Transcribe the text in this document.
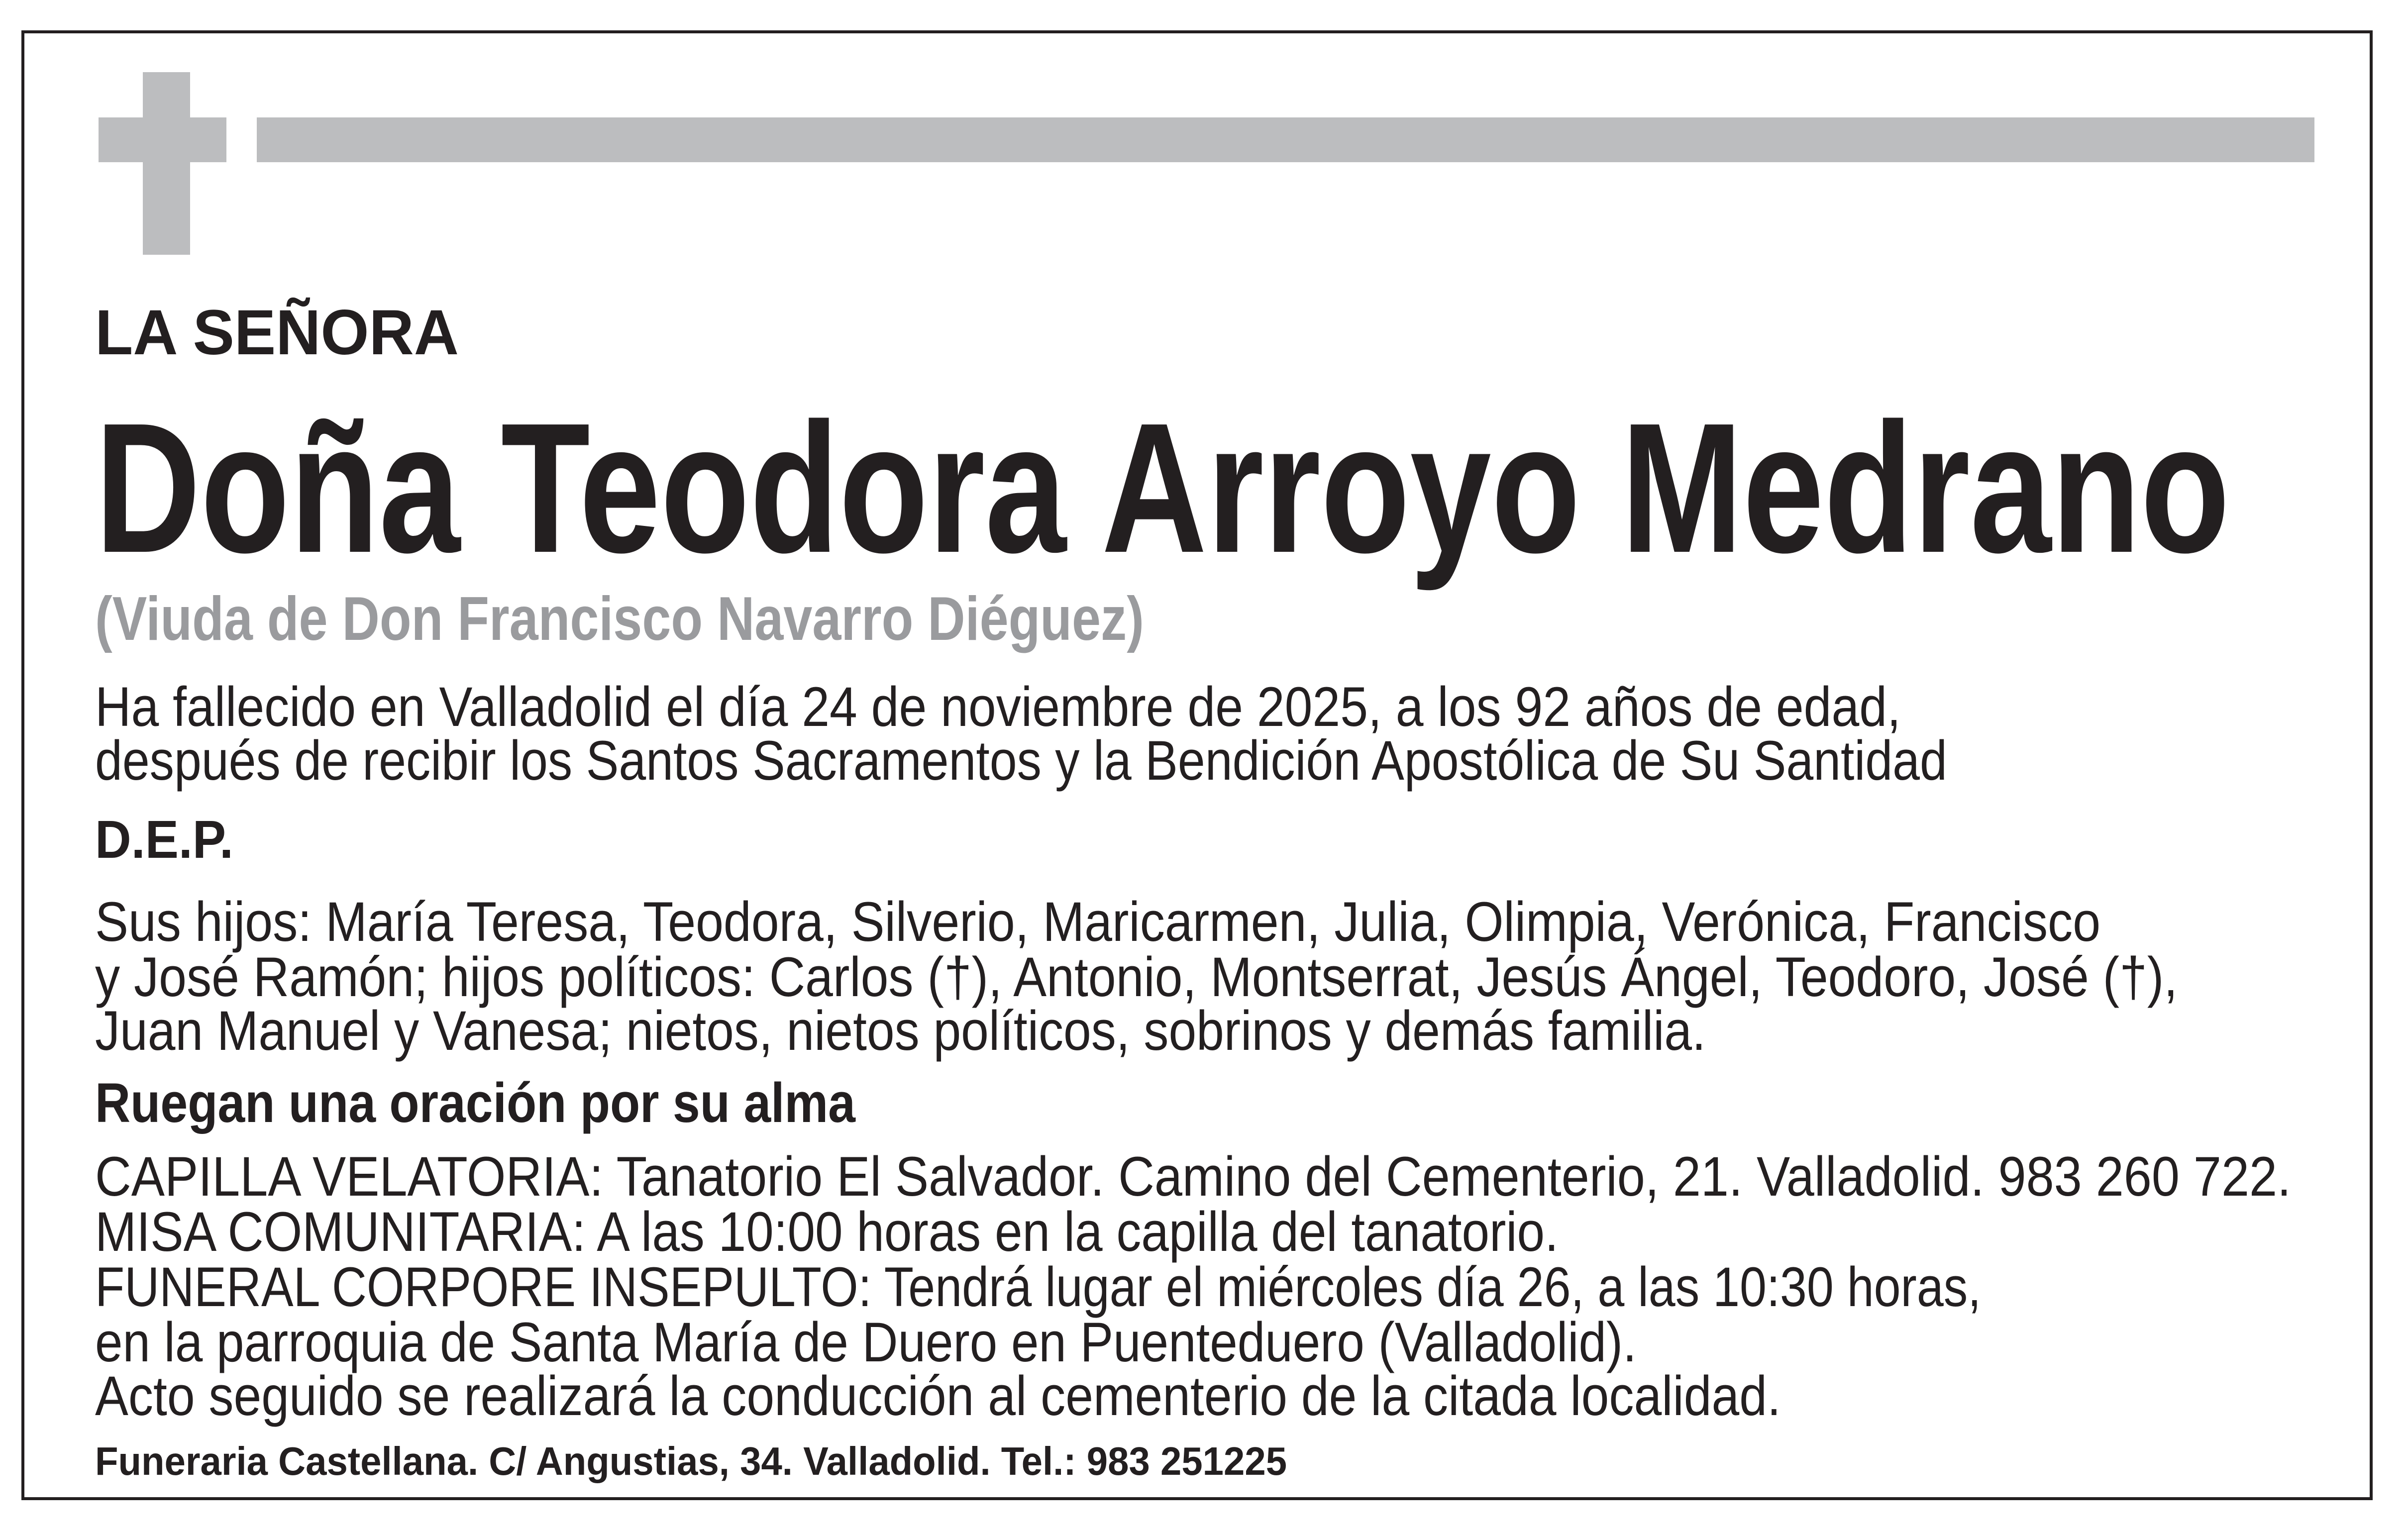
LA SEÑORA
Doña Teodora Arroyo Medrano
(Viuda de Don Francisco Navarro Diéguez)
Ha fallecido en Valladolid el día 24 de noviembre de 2025, a los 92 años de edad,
después de recibir los Santos Sacramentos y la Bendición Apostólica de Su Santidad
D.E.P.
Sus hijos: María Teresa, Teodora, Silverio, Maricarmen, Julia, Olimpia, Verónica, Francisco
y José Ramón; hijos políticos: Carlos (†), Antonio, Montserrat, Jesús Ángel, Teodoro, José (†),
Juan Manuel y Vanesa; nietos, nietos políticos, sobrinos y demás familia.
Ruegan una oración por su alma
CAPILLA VELATORIA: Tanatorio El Salvador. Camino del Cementerio, 21. Valladolid. 983 260 722.
MISA COMUNITARIA: A las 10:00 horas en la capilla del tanatorio.
FUNERAL CORPORE INSEPULTO: Tendrá lugar el miércoles día 26, a las 10:30 horas,
en la parroquia de Santa María de Duero en Puenteduero (Valladolid).
Acto seguido se realizará la conducción al cementerio de la citada localidad.
Funeraria Castellana. C/ Angustias, 34. Valladolid. Tel.: 983 251225
